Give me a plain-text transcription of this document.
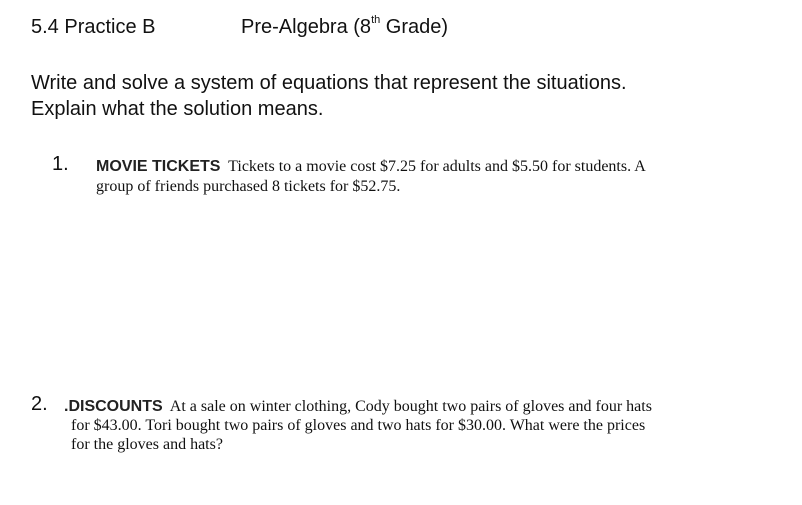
5.4 Practice B	Pre-Algebra (8th Grade)
Write and solve a system of equations that represent the situations.
Explain what the solution means.
1. MOVIE TICKETS Tickets to a movie cost $7.25 for adults and $5.50 for students. A
group of friends purchased 8 tickets for $52.75.
2. .DISCOUNTS At a sale on winter clothing, Cody bought two pairs of gloves and four hats
for $43.00. Tori bought two pairs of gloves and two hats for $30.00. What were the prices
for the gloves and hats?
